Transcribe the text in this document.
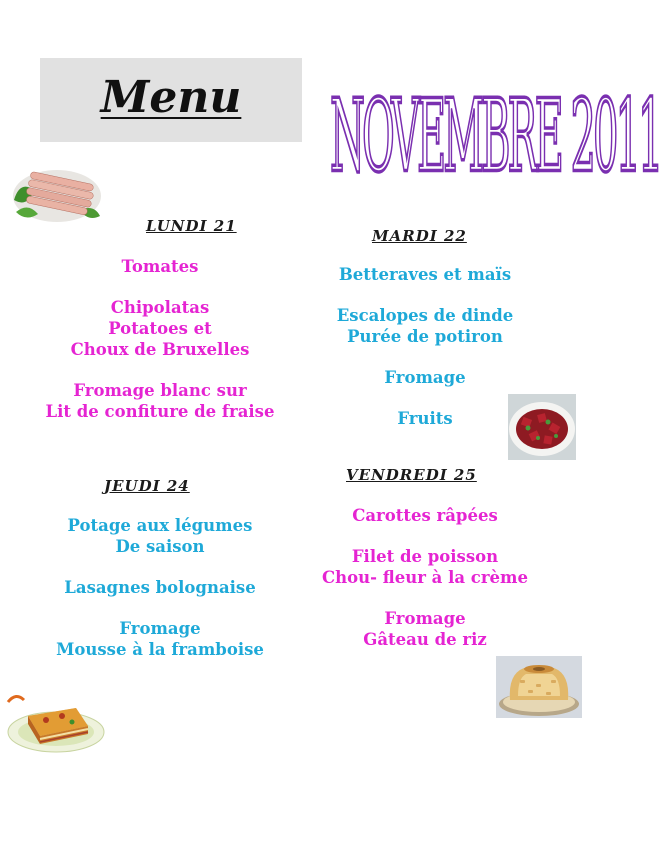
Menu	NOVEMBRE 2011
LUNDI 21
Tomates
Chipolatas
Potatoes et
Choux de Bruxelles
Fromage blanc sur
Lit de confiture de fraise
MARDI 22
Betteraves et maïs
Escalopes de dinde
Purée de potiron
Fromage
Fruits
JEUDI 24
Potage aux légumes
De saison
Lasagnes bolognaise
Fromage
Mousse à la framboise
VENDREDI 25
Carottes râpées
Filet de poisson
Chou- fleur à la crème
Fromage
Gâteau de riz
